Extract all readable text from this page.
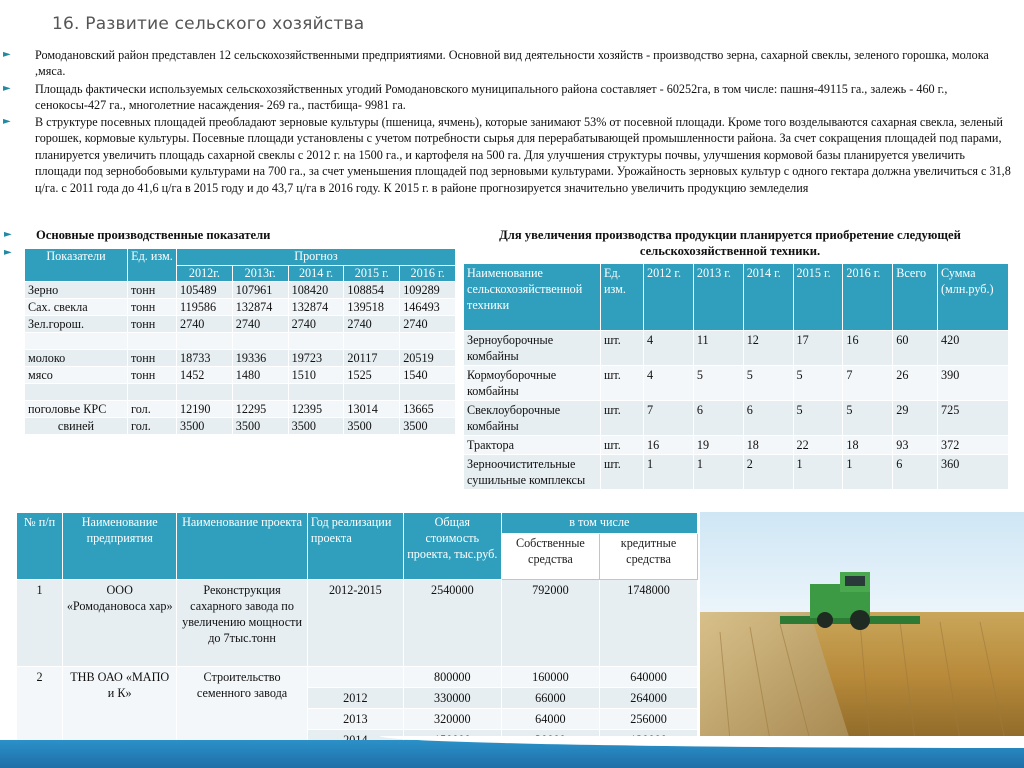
16. Развитие сельского хозяйства
► Ромодановский район представлен 12 сельскохозяйственными предприятиями. Основной вид деятельности хозяйств - производство зерна, сахарной свеклы, зеленого горошка, молока ,мяса.
► Площадь фактически используемых сельскохозяйственных угодий Ромодановского муниципального района составляет - 60252га, в том числе: пашня-49115 га., залежь - 460 г., сенокосы-427 га., многолетние насаждения- 269 га., пастбища- 9981 га.
► В структуре посевных площадей преобладают зерновые культуры (пшеница, ячмень), которые занимают 53% от посевной площади. Кроме того возделываются сахарная свекла, зеленый горошек, кормовые культуры. Посевные площади установлены с учетом потребности сырья для перерабатывающей промышленности района. За счет сокращения площадей под парами, планируется увеличить площадь сахарной свеклы с 2012 г. на 1500 га., и картофеля на 500 га. Для улучшения структуры почвы, улучшения кормовой базы планируется увеличить площади под зернобобовыми культурами на 700 га., за счет уменьшения площадей под зерновыми культурами. Урожайность зерновых культур с одного гектара должна увеличиться с 31,8 ц/га. с 2011 года до 41,6 ц/га в 2015 году и до 43,7 ц/га в 2016 году. К 2015 г. в районе прогнозируется значительно увеличить продукцию земледелия
►
►
Основные производственные показатели	Для увеличения производства продукции планируется приобретение следующей сельскохозяйственной техники.
Показатели	Ед. изм.	Прогноз				
		2012г.	2013г.	2014 г.	2015 г.	2016 г.
Зерно	тонн	105489	107961	108420	108854	109289
Сах. свекла	тонн	119586	132874	132874	139518	146493
Зел.горош.	тонн	2740	2740	2740	2740	2740

молоко	тонн	18733	19336	19723	20117	20519
мясо	тонн	1452	1480	1510	1525	1540

поголовье КРС	гол.	12190	12295	12395	13014	13665
свиней	гол.	3500	3500	3500	3500	3500
Наименование сельскохозяйственной техники	Ед. изм.	2012 г.	2013 г.	2014 г.	2015 г.	2016 г.	Всего	Сумма (млн.руб.)
Зерноуборочные комбайны	шт.	4	11	12	17	16	60	420
Кормоуборочные комбайны	шт.	4	5	5	5	7	26	390
Свеклоуборочные комбайны	шт.	7	6	6	5	5	29	725
Трактора	шт.	16	19	18	22	18	93	372
Зерноочистительные сушильные комплексы	шт.	1	1	2	1	1	6	360
№ п/п	Наименование предприятия	Наименование проекта	Год реализации проекта	Общая стоимость проекта, тыс.руб.	в том числе	
					Собственные средства	кредитные средства
1	ООО «Ромодановоса хар»	Реконструкция сахарного завода по увеличению мощности до 7тыс.тонн	2012-2015	2540000	792000	1748000
2	ТНВ ОАО «МАПО и К»	Строительство семенного завода		800000	160000	640000
			2012	330000	66000	264000
			2013	320000	64000	256000
